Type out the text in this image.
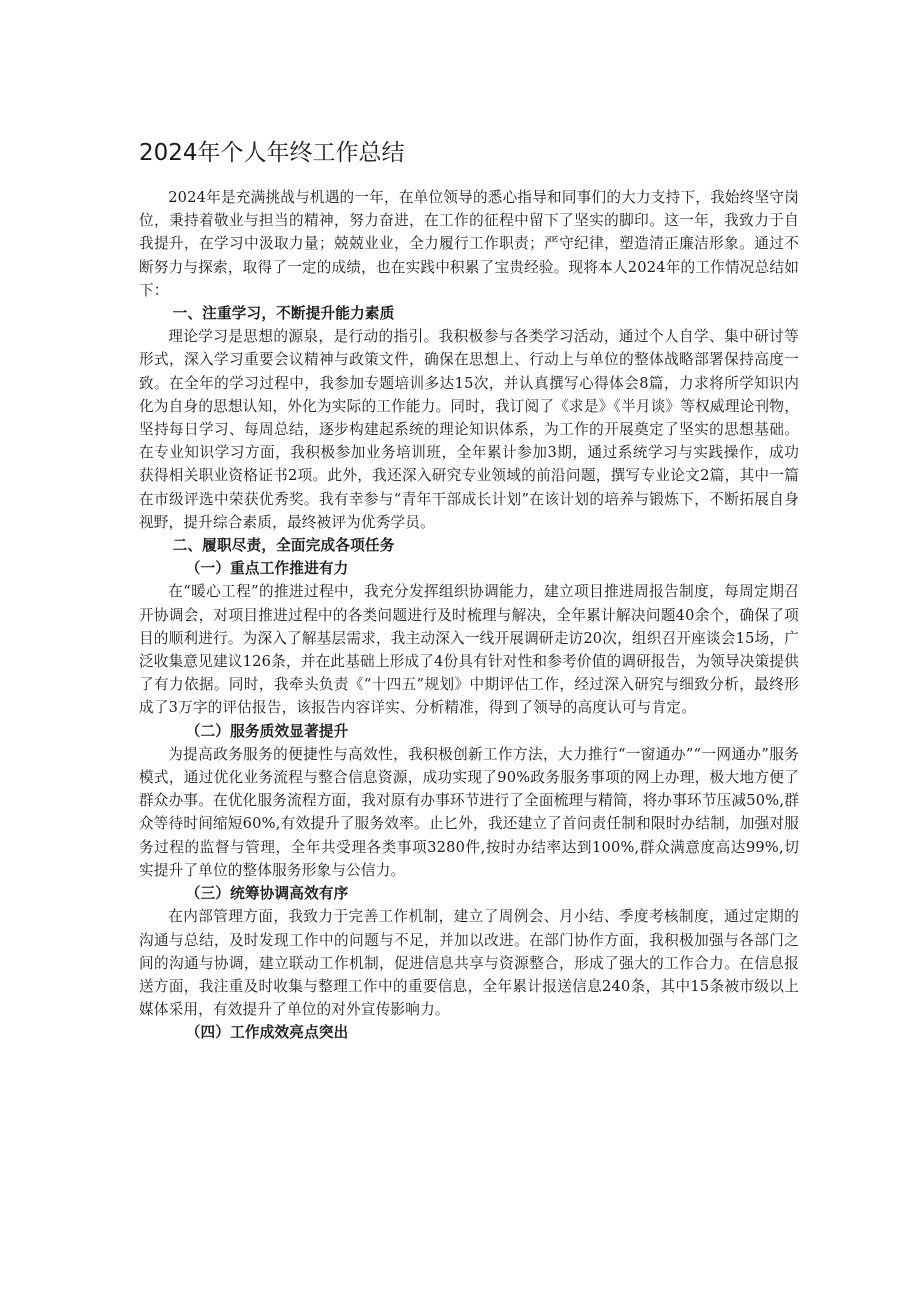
2024年个人年终工作总结

2024年是充满挑战与机遇的一年，在单位领导的悉心指导和同事们的大力支持下，我始终坚守岗位，秉持着敬业与担当的精神，努力奋进，在工作的征程中留下了坚实的脚印。这一年，我致力于自我提升，在学习中汲取力量；兢兢业业，全力履行工作职责；严守纪律，塑造清正廉洁形象。通过不断努力与探索，取得了一定的成绩，也在实践中积累了宝贵经验。现将本人2024年的工作情况总结如下：

一、注重学习，不断提升能力素质

理论学习是思想的源泉，是行动的指引。我积极参与各类学习活动，通过个人自学、集中研讨等形式，深入学习重要会议精神与政策文件，确保在思想上、行动上与单位的整体战略部署保持高度一致。在全年的学习过程中，我参加专题培训多达15次，并认真撰写心得体会8篇，力求将所学知识内化为自身的思想认知，外化为实际的工作能力。同时，我订阅了《求是》《半月谈》等权威理论刊物，坚持每日学习、每周总结，逐步构建起系统的理论知识体系，为工作的开展奠定了坚实的思想基础。在专业知识学习方面，我积极参加业务培训班，全年累计参加3期，通过系统学习与实践操作，成功获得相关职业资格证书2项。此外，我还深入研究专业领域的前沿问题，撰写专业论文2篇，其中一篇在市级评选中荣获优秀奖。我有幸参与“青年干部成长计划”在该计划的培养与锻炼下，不断拓展自身视野，提升综合素质，最终被评为优秀学员。

二、履职尽责，全面完成各项任务

（一）重点工作推进有力

在“暖心工程”的推进过程中，我充分发挥组织协调能力，建立项目推进周报告制度，每周定期召开协调会，对项目推进过程中的各类问题进行及时梳理与解决，全年累计解决问题40余个，确保了项目的顺利进行。为深入了解基层需求，我主动深入一线开展调研走访20次，组织召开座谈会15场，广泛收集意见建议126条，并在此基础上形成了4份具有针对性和参考价值的调研报告，为领导决策提供了有力依据。同时，我牵头负责《“十四五”规划》中期评估工作，经过深入研究与细致分析，最终形成了3万字的评估报告，该报告内容详实、分析精准，得到了领导的高度认可与肯定。

（二）服务质效显著提升

为提高政务服务的便捷性与高效性，我积极创新工作方法，大力推行“一窗通办”“一网通办”服务模式，通过优化业务流程与整合信息资源，成功实现了90%政务服务事项的网上办理，极大地方便了群众办事。在优化服务流程方面，我对原有办事环节进行了全面梳理与精简，将办事环节压减50%,群众等待时间缩短60%,有效提升了服务效率。止匕外，我还建立了首问责任制和限时办结制，加强对服务过程的监督与管理，全年共受理各类事项3280件,按时办结率达到100%,群众满意度高达99%,切实提升了单位的整体服务形象与公信力。

（三）统筹协调高效有序

在内部管理方面，我致力于完善工作机制，建立了周例会、月小结、季度考核制度，通过定期的沟通与总结，及时发现工作中的问题与不足，并加以改进。在部门协作方面，我积极加强与各部门之间的沟通与协调，建立联动工作机制，促进信息共享与资源整合，形成了强大的工作合力。在信息报送方面，我注重及时收集与整理工作中的重要信息，全年累计报送信息240条，其中15条被市级以上媒体采用，有效提升了单位的对外宣传影响力。

（四）工作成效亮点突出
